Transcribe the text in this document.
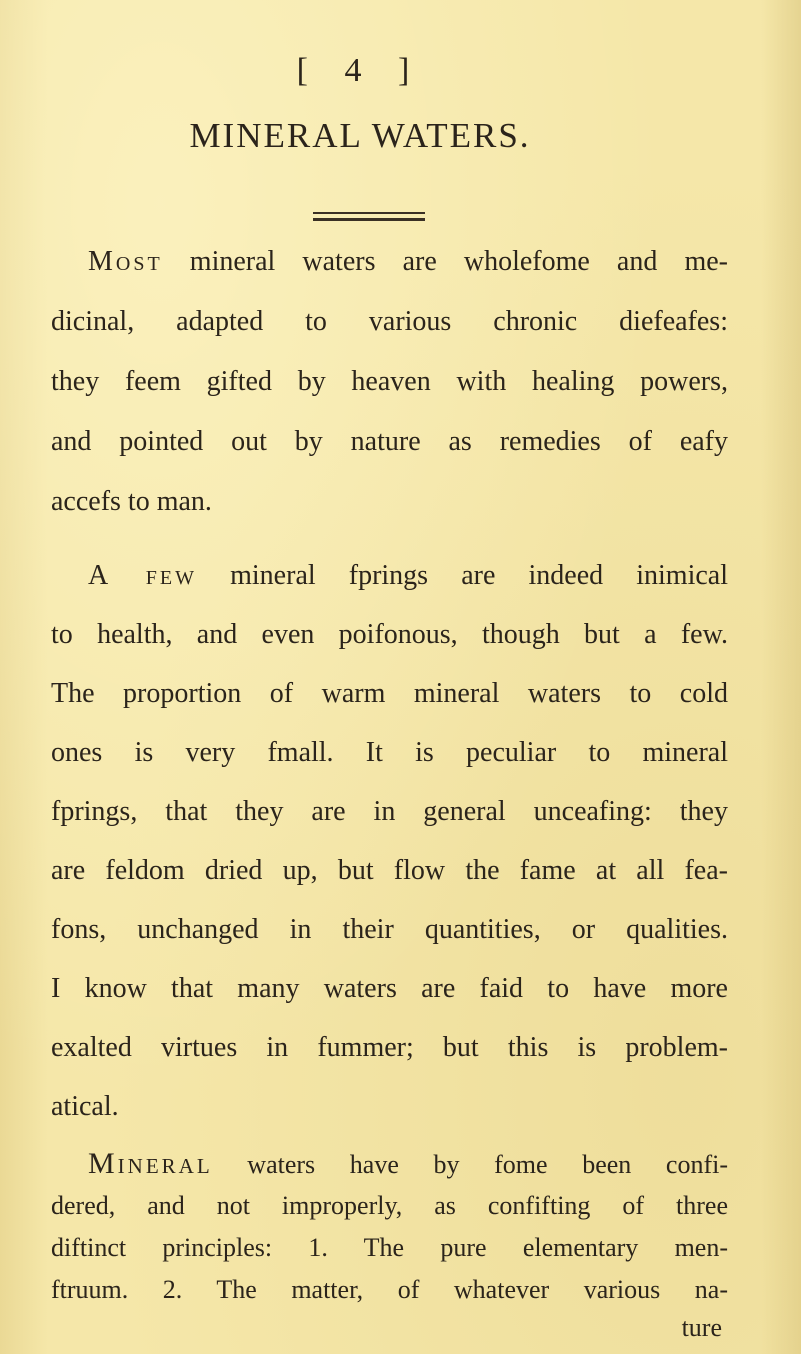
[ 4 ]
MINERAL WATERS.
Most mineral waters are wholefome and me-
dicinal, adapted to various chronic diefeafes:
they feem gifted by heaven with healing powers,
and pointed out by nature as remedies of eafy
accefs to man.
A few mineral fprings are indeed inimical
to health, and even poifonous, though but a few.
The proportion of warm mineral waters to cold
ones is very fmall. It is peculiar to mineral
fprings, that they are in general unceafing: they
are feldom dried up, but flow the fame at all fea-
fons, unchanged in their quantities, or qualities.
I know that many waters are faid to have more
exalted virtues in fummer; but this is problem-
atical.
Mineral waters have by fome been confi-
dered, and not improperly, as confifting of three
diftinct principles: 1. The pure elementary men-
ftruum. 2. The matter, of whatever various na-
ture
